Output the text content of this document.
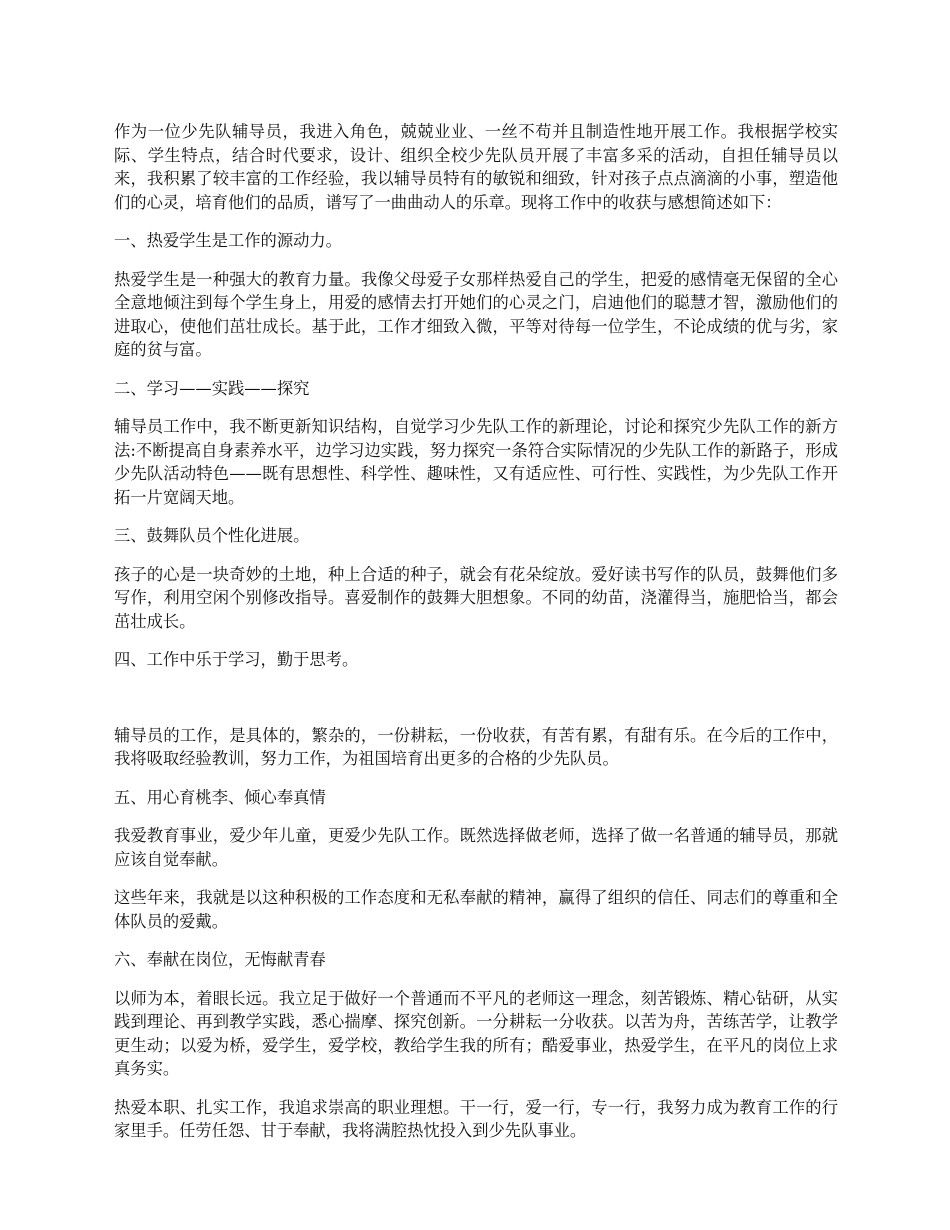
作为一位少先队辅导员，我进入角色，兢兢业业、一丝不苟并且制造性地开展工作。我根据学校实际、学生特点，结合时代要求，设计、组织全校少先队员开展了丰富多采的活动，自担任辅导员以来，我积累了较丰富的工作经验，我以辅导员特有的敏锐和细致，针对孩子点点滴滴的小事，塑造他们的心灵，培育他们的品质，谱写了一曲曲动人的乐章。现将工作中的收获与感想简述如下：

一、热爱学生是工作的源动力。

热爱学生是一种强大的教育力量。我像父母爱子女那样热爱自己的学生，把爱的感情毫无保留的全心全意地倾注到每个学生身上，用爱的感情去打开她们的心灵之门，启迪他们的聪慧才智，激励他们的进取心，使他们茁壮成长。基于此，工作才细致入微，平等对待每一位学生，不论成绩的优与劣，家庭的贫与富。

二、学习——实践——探究

辅导员工作中，我不断更新知识结构，自觉学习少先队工作的新理论，讨论和探究少先队工作的新方法:不断提高自身素养水平，边学习边实践，努力探究一条符合实际情况的少先队工作的新路子，形成少先队活动特色——既有思想性、科学性、趣味性，又有适应性、可行性、实践性，为少先队工作开拓一片宽阔天地。

三、鼓舞队员个性化进展。

孩子的心是一块奇妙的土地，种上合适的种子，就会有花朵绽放。爱好读书写作的队员，鼓舞他们多写作，利用空闲个别修改指导。喜爱制作的鼓舞大胆想象。不同的幼苗，浇灌得当，施肥恰当，都会茁壮成长。

四、工作中乐于学习，勤于思考。

辅导员的工作，是具体的，繁杂的，一份耕耘，一份收获，有苦有累，有甜有乐。在今后的工作中，我将吸取经验教训，努力工作，为祖国培育出更多的合格的少先队员。

五、用心育桃李、倾心奉真情

我爱教育事业，爱少年儿童，更爱少先队工作。既然选择做老师，选择了做一名普通的辅导员，那就应该自觉奉献。

这些年来，我就是以这种积极的工作态度和无私奉献的精神，赢得了组织的信任、同志们的尊重和全体队员的爱戴。

六、奉献在岗位，无悔献青春

以师为本，着眼长远。我立足于做好一个普通而不平凡的老师这一理念，刻苦锻炼、精心钻研，从实践到理论、再到教学实践，悉心揣摩、探究创新。一分耕耘一分收获。以苦为舟，苦练苦学，让教学更生动；以爱为桥，爱学生，爱学校，教给学生我的所有；酷爱事业，热爱学生，在平凡的岗位上求真务实。

热爱本职、扎实工作，我追求崇高的职业理想。干一行，爱一行，专一行，我努力成为教育工作的行家里手。任劳任怨、甘于奉献，我将满腔热忱投入到少先队事业。
